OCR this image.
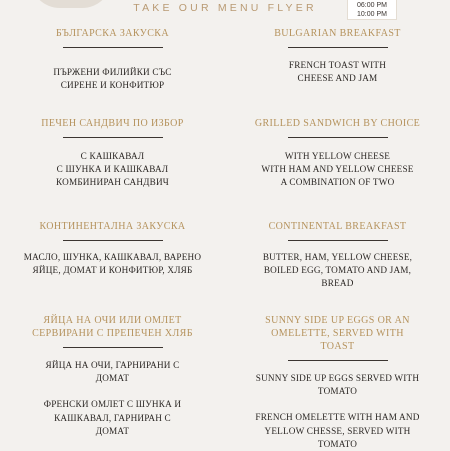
TAKE OUR MENU FLYER	06:00 PM
10:00 PM
БЪЛГАРСКА ЗАКУСКА
ПЪРЖЕНИ ФИЛИЙКИ СЪС СИРЕНЕ И КОНФИТЮР
ПЕЧЕН САНДВИЧ ПО ИЗБОР
С КАШКАВАЛ
С ШУНКА И КАШКАВАЛ
КОМБИНИРАН САНДВИЧ
КОНТИНЕНТАЛНА ЗАКУСКА
МАСЛО, ШУНКА, КАШКАВАЛ, ВАРЕНО ЯЙЦЕ, ДОМАТ И КОНФИТЮР, ХЛЯБ
ЯЙЦА НА ОЧИ ИЛИ ОМЛЕТ СЕРВИРАНИ С ПРЕПЕЧЕН ХЛЯБ
ЯЙЦА НА ОЧИ, ГАРНИРАНИ С ДОМАТ
ФРЕНСКИ ОМЛЕТ С ШУНКА И КАШКАВАЛ, ГАРНИРАН С ДОМАТ
BULGARIAN BREAKFAST
FRENCH TOAST WITH CHEESE AND JAM
GRILLED SANDWICH BY CHOICE
WITH YELLOW CHEESE
WITH HAM AND YELLOW CHEESE
A COMBINATION OF TWO
CONTINENTAL BREAKFAST
BUTTER, HAM, YELLOW CHEESE, BOILED EGG, TOMATO AND JAM, BREAD
SUNNY SIDE UP EGGS OR AN OMELETTE, SERVED WITH TOAST
SUNNY SIDE UP EGGS SERVED WITH TOMATO
FRENCH OMELETTE WITH HAM AND YELLOW CHESSE, SERVED WITH TOMATO
